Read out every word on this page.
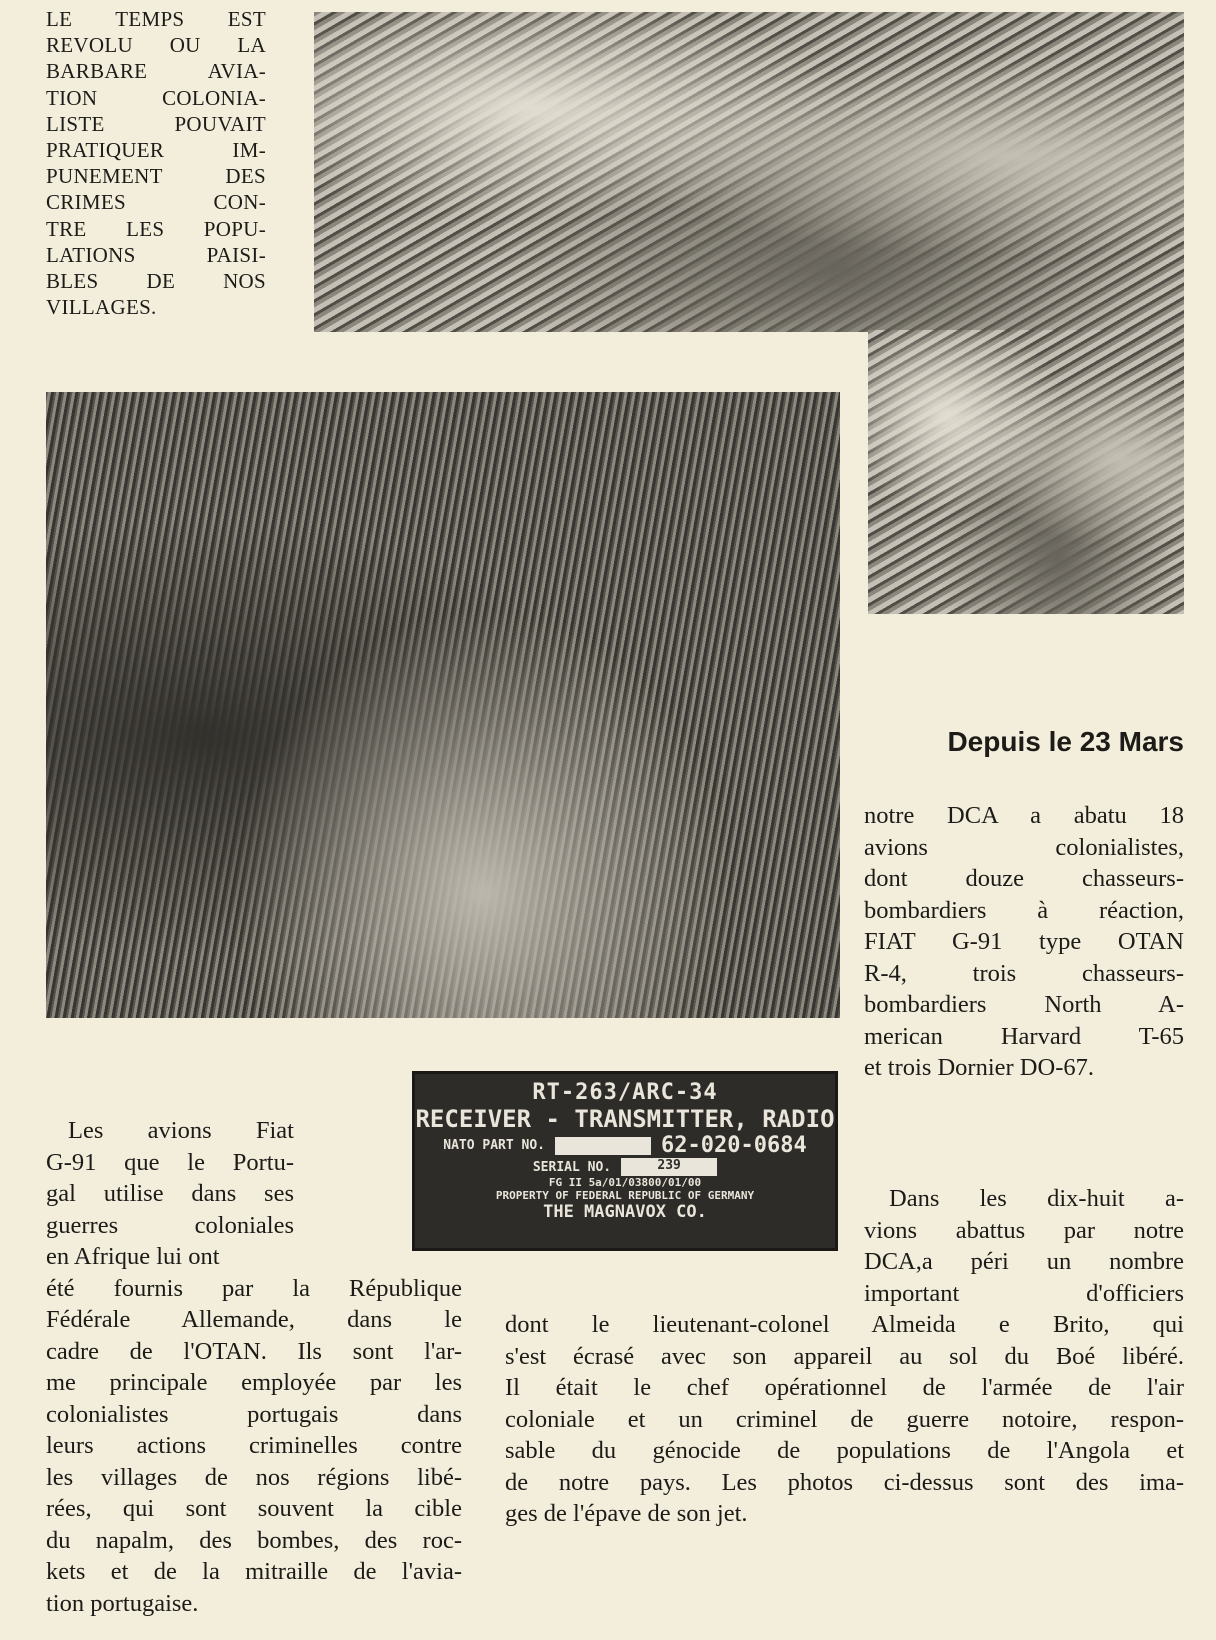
LE TEMPS EST
REVOLU OU LA
BARBARE AVIA-
TION COLONIA-
LISTE POUVAIT
PRATIQUER IM-
PUNEMENT DES
CRIMES CON-
TRE LES POPU-
LATIONS PAISI-
BLES DE NOS
VILLAGES.
Depuis le 23 Mars
notre DCA a abatu 18
avions colonialistes,
dont douze chasseurs-
bombardiers à réaction,
FIAT G-91 type OTAN
R-4, trois chasseurs-
bombardiers North A-
merican Harvard T-65
et trois Dornier DO-67.
RT-263/ARC-34
RECEIVER - TRANSMITTER, RADIO
NATO PART NO.	62-020-0684
SERIAL NO.	239
FG II 5a/01/03800/01/00
PROPERTY OF FEDERAL REPUBLIC OF GERMANY
THE MAGNAVOX CO.
Les avions Fiat
G-91 que le Portu-
gal utilise dans ses
guerres coloniales
en Afrique lui ont
été fournis par la République
Fédérale Allemande, dans le
cadre de l'OTAN. Ils sont l'ar-
me principale employée par les
colonialistes portugais dans
leurs actions criminelles contre
les villages de nos régions libé-
rées, qui sont souvent la cible
du napalm, des bombes, des roc-
kets et de la mitraille de l'avia-
tion portugaise.
Dans les dix-huit a-
vions abattus par notre
DCA,a péri un nombre
important d'officiers
dont le lieutenant-colonel Almeida e Brito, qui
s'est écrasé avec son appareil au sol du Boé libéré.
Il était le chef opérationnel de l'armée de l'air
coloniale et un criminel de guerre notoire, respon-
sable du génocide de populations de l'Angola et
de notre pays. Les photos ci-dessus sont des ima-
ges de l'épave de son jet.
